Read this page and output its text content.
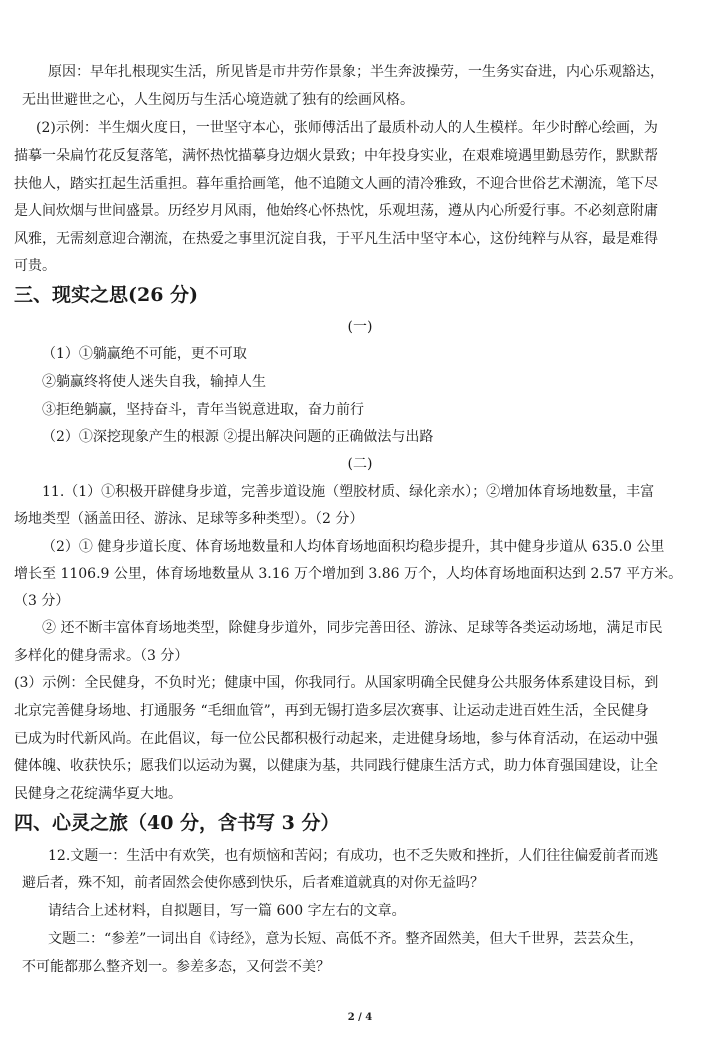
原因：早年扎根现实生活，所见皆是市井劳作景象；半生奔波操劳，一生务实奋进，内心乐观豁达，
无出世避世之心，人生阅历与生活心境造就了独有的绘画风格。
(2)示例：半生烟火度日，一世坚守本心，张师傅活出了最质朴动人的人生模样。年少时醉心绘画，为
描摹一朵扁竹花反复落笔，满怀热忱描摹身边烟火景致；中年投身实业，在艰难境遇里勤恳劳作，默默帮
扶他人，踏实扛起生活重担。暮年重拾画笔，他不追随文人画的清冷雅致，不迎合世俗艺术潮流，笔下尽
是人间炊烟与世间盛景。历经岁月风雨，他始终心怀热忱，乐观坦荡，遵从内心所爱行事。不必刻意附庸
风雅，无需刻意迎合潮流，在热爱之事里沉淀自我，于平凡生活中坚守本心，这份纯粹与从容，最是难得
可贵。
三、现实之思(26 分)
(一)
（1）①躺赢绝不可能，更不可取
②躺赢终将使人迷失自我，输掉人生
③拒绝躺赢，坚持奋斗，青年当锐意进取，奋力前行
（2）①深挖现象产生的根源 ②提出解决问题的正确做法与出路
(二)
11.（1）①积极开辟健身步道，完善步道设施（塑胶材质、绿化亲水）；②增加体育场地数量，丰富
场地类型（涵盖田径、游泳、足球等多种类型）。（2 分）
（2）① 健身步道长度、体育场地数量和人均体育场地面积均稳步提升，其中健身步道从 635.0 公里
增长至 1106.9 公里，体育场地数量从 3.16 万个增加到 3.86 万个，人均体育场地面积达到 2.57 平方米。
（3 分）
② 还不断丰富体育场地类型，除健身步道外，同步完善田径、游泳、足球等各类运动场地，满足市民
多样化的健身需求。（3 分）
(3）示例：全民健身，不负时光；健康中国，你我同行。从国家明确全民健身公共服务体系建设目标，到
北京完善健身场地、打通服务 “毛细血管”，再到无锡打造多层次赛事、让运动走进百姓生活，全民健身
已成为时代新风尚。在此倡议，每一位公民都积极行动起来，走进健身场地，参与体育活动，在运动中强
健体魄、收获快乐；愿我们以运动为翼，以健康为基，共同践行健康生活方式，助力体育强国建设，让全
民健身之花绽满华夏大地。
四、心灵之旅（40 分，含书写 3 分）
12.文题一：生活中有欢笑，也有烦恼和苦闷；有成功，也不乏失败和挫折，人们往往偏爱前者而逃
避后者，殊不知，前者固然会使你感到快乐，后者难道就真的对你无益吗？
请结合上述材料，自拟题目，写一篇 600 字左右的文章。
文题二：“参差”一词出自《诗经》，意为长短、高低不齐。整齐固然美，但大千世界，芸芸众生，
不可能都那么整齐划一。参差多态，又何尝不美？
2 / 4
